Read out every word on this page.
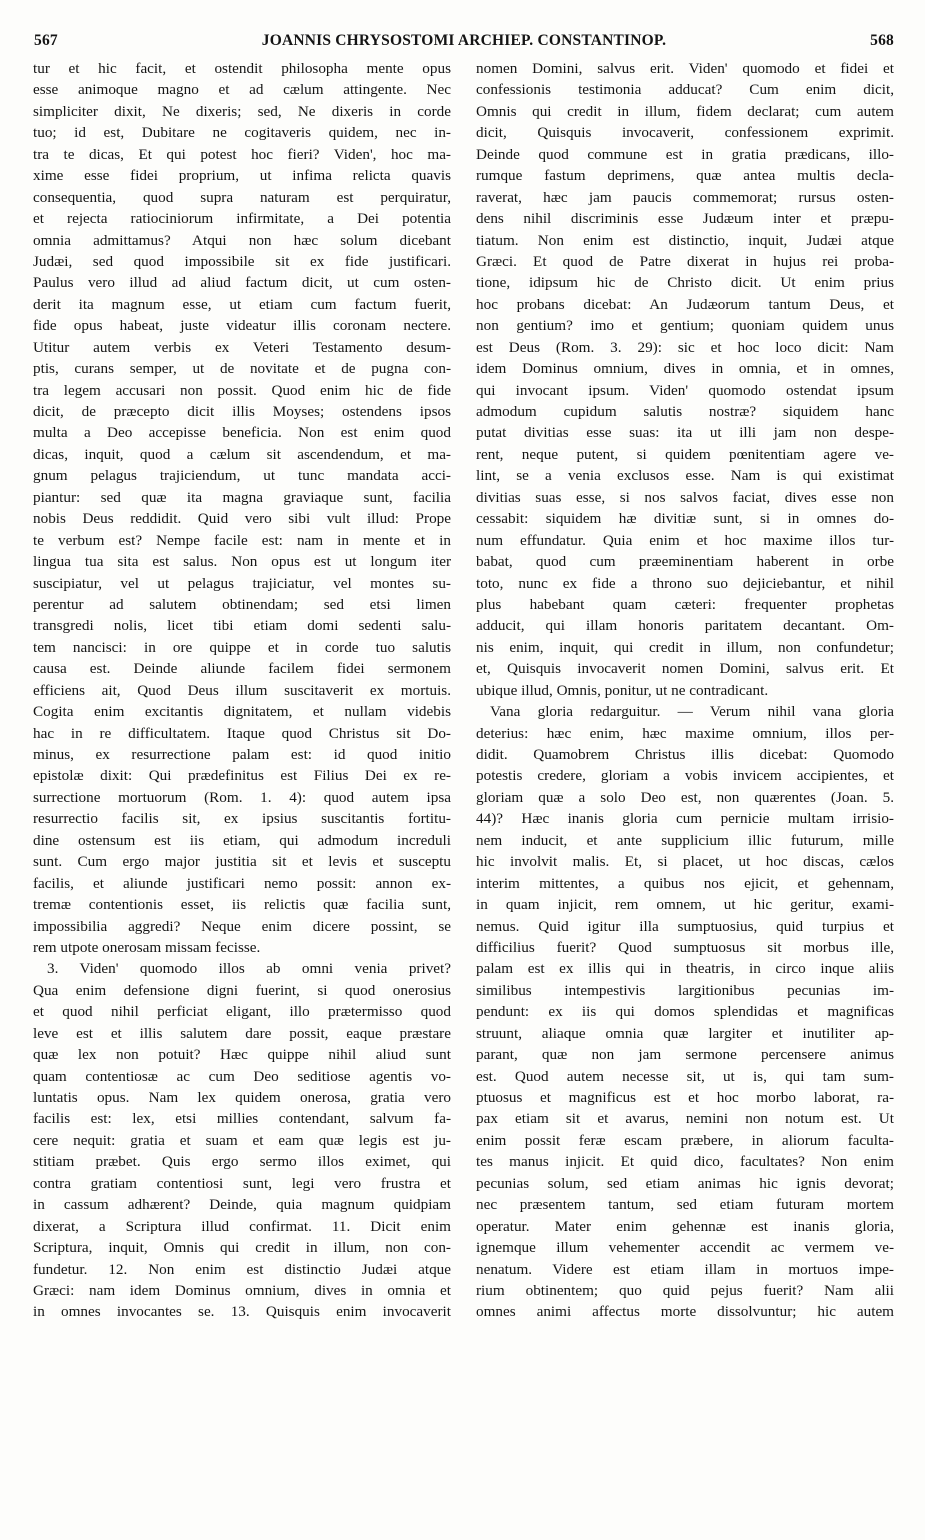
567	JOANNIS CHRYSOSTOMI ARCHIEP. CONSTANTINOP.	568
tur et hic facit, et ostendit philosopha mente opus
esse animoque magno et ad cælum attingente. Nec
simpliciter dixit, Ne dixeris; sed, Ne dixeris in corde
tuo; id est, Dubitare ne cogitaveris quidem, nec in-
tra te dicas, Et qui potest hoc fieri? Viden', hoc ma-
xime esse fidei proprium, ut infima relicta quavis
consequentia, quod supra naturam est perquiratur,
et rejecta ratiociniorum infirmitate, a Dei potentia
omnia admittamus? Atqui non hæc solum dicebant
Judæi, sed quod impossibile sit ex fide justificari.
Paulus vero illud ad aliud factum dicit, ut cum osten-
derit ita magnum esse, ut etiam cum factum fuerit,
fide opus habeat, juste videatur illis coronam nectere.
Utitur autem verbis ex Veteri Testamento desum-
ptis, curans semper, ut de novitate et de pugna con-
tra legem accusari non possit. Quod enim hic de fide
dicit, de præcepto dicit illis Moyses; ostendens ipsos
multa a Deo accepisse beneficia. Non est enim quod
dicas, inquit, quod a cælum sit ascendendum, et ma-
gnum pelagus trajiciendum, ut tunc mandata acci-
piantur: sed quæ ita magna graviaque sunt, facilia
nobis Deus reddidit. Quid vero sibi vult illud: Prope
te verbum est? Nempe facile est: nam in mente et in
lingua tua sita est salus. Non opus est ut longum iter
suscipiatur, vel ut pelagus trajiciatur, vel montes su-
perentur ad salutem obtinendam; sed etsi limen
transgredi nolis, licet tibi etiam domi sedenti salu-
tem nancisci: in ore quippe et in corde tuo salutis
causa est. Deinde aliunde facilem fidei sermonem
efficiens ait, Quod Deus illum suscitaverit ex mortuis.
Cogita enim excitantis dignitatem, et nullam videbis
hac in re difficultatem. Itaque quod Christus sit Do-
minus, ex resurrectione palam est: id quod initio
epistolæ dixit: Qui prædefinitus est Filius Dei ex re-
surrectione mortuorum (Rom. 1. 4): quod autem ipsa
resurrectio facilis sit, ex ipsius suscitantis fortitu-
dine ostensum est iis etiam, qui admodum increduli
sunt. Cum ergo major justitia sit et levis et susceptu
facilis, et aliunde justificari nemo possit: annon ex-
tremæ contentionis esset, iis relictis quæ facilia sunt,
impossibilia aggredi? Neque enim dicere possint, se
rem utpote onerosam missam fecisse.
3. Viden' quomodo illos ab omni venia privet?
Qua enim defensione digni fuerint, si quod onerosius
et quod nihil perficiat eligant, illo prætermisso quod
leve est et illis salutem dare possit, eaque præstare
quæ lex non potuit? Hæc quippe nihil aliud sunt
quam contentiosæ ac cum Deo seditiose agentis vo-
luntatis opus. Nam lex quidem onerosa, gratia vero
facilis est: lex, etsi millies contendant, salvum fa-
cere nequit: gratia et suam et eam quæ legis est ju-
stitiam præbet. Quis ergo sermo illos eximet, qui
contra gratiam contentiosi sunt, legi vero frustra et
in cassum adhærent? Deinde, quia magnum quidpiam
dixerat, a Scriptura illud confirmat. 11. Dicit enim
Scriptura, inquit, Omnis qui credit in illum, non con-
fundetur. 12. Non enim est distinctio Judæi atque
Græci: nam idem Dominus omnium, dives in omnia et
in omnes invocantes se. 13. Quisquis enim invocaverit
nomen Domini, salvus erit. Viden' quomodo et fidei et
confessionis testimonia adducat? Cum enim dicit,
Omnis qui credit in illum, fidem declarat; cum autem
dicit, Quisquis invocaverit, confessionem exprimit.
Deinde quod commune est in gratia prædicans, illo-
rumque fastum deprimens, quæ antea multis decla-
raverat, hæc jam paucis commemorat; rursus osten-
dens nihil discriminis esse Judæum inter et præpu-
tiatum. Non enim est distinctio, inquit, Judæi atque
Græci. Et quod de Patre dixerat in hujus rei proba-
tione, idipsum hic de Christo dicit. Ut enim prius
hoc probans dicebat: An Judæorum tantum Deus, et
non gentium? imo et gentium; quoniam quidem unus
est Deus (Rom. 3. 29): sic et hoc loco dicit: Nam
idem Dominus omnium, dives in omnia, et in omnes,
qui invocant ipsum. Viden' quomodo ostendat ipsum
admodum cupidum salutis nostræ? siquidem hanc
putat divitias esse suas: ita ut illi jam non despe-
rent, neque putent, si quidem pœnitentiam agere ve-
lint, se a venia exclusos esse. Nam is qui existimat
divitias suas esse, si nos salvos faciat, dives esse non
cessabit: siquidem hæ divitiæ sunt, si in omnes do-
num effundatur. Quia enim et hoc maxime illos tur-
babat, quod cum præeminentiam haberent in orbe
toto, nunc ex fide a throno suo dejiciebantur, et nihil
plus habebant quam cæteri: frequenter prophetas
adducit, qui illam honoris paritatem decantant. Om-
nis enim, inquit, qui credit in illum, non confundetur;
et, Quisquis invocaverit nomen Domini, salvus erit. Et
ubique illud, Omnis, ponitur, ut ne contradicant.
Vana gloria redarguitur. — Verum nihil vana gloria
deterius: hæc enim, hæc maxime omnium, illos per-
didit. Quamobrem Christus illis dicebat: Quomodo
potestis credere, gloriam a vobis invicem accipientes, et
gloriam quæ a solo Deo est, non quærentes (Joan. 5.
44)? Hæc inanis gloria cum pernicie multam irrisio-
nem inducit, et ante supplicium illic futurum, mille
hic involvit malis. Et, si placet, ut hoc discas, cælos
interim mittentes, a quibus nos ejicit, et gehennam,
in quam injicit, rem omnem, ut hic geritur, exami-
nemus. Quid igitur illa sumptuosius, quid turpius et
difficilius fuerit? Quod sumptuosus sit morbus ille,
palam est ex illis qui in theatris, in circo inque aliis
similibus intempestivis largitionibus pecunias im-
pendunt: ex iis qui domos splendidas et magnificas
struunt, aliaque omnia quæ largiter et inutiliter ap-
parant, quæ non jam sermone percensere animus
est. Quod autem necesse sit, ut is, qui tam sum-
ptuosus et magnificus est et hoc morbo laborat, ra-
pax etiam sit et avarus, nemini non notum est. Ut
enim possit feræ escam præbere, in aliorum faculta-
tes manus injicit. Et quid dico, facultates? Non enim
pecunias solum, sed etiam animas hic ignis devorat;
nec præsentem tantum, sed etiam futuram mortem
operatur. Mater enim gehennæ est inanis gloria,
ignemque illum vehementer accendit ac vermem ve-
nenatum. Videre est etiam illam in mortuos impe-
rium obtinentem; quo quid pejus fuerit? Nam alii
omnes animi affectus morte dissolvuntur; hic autem
